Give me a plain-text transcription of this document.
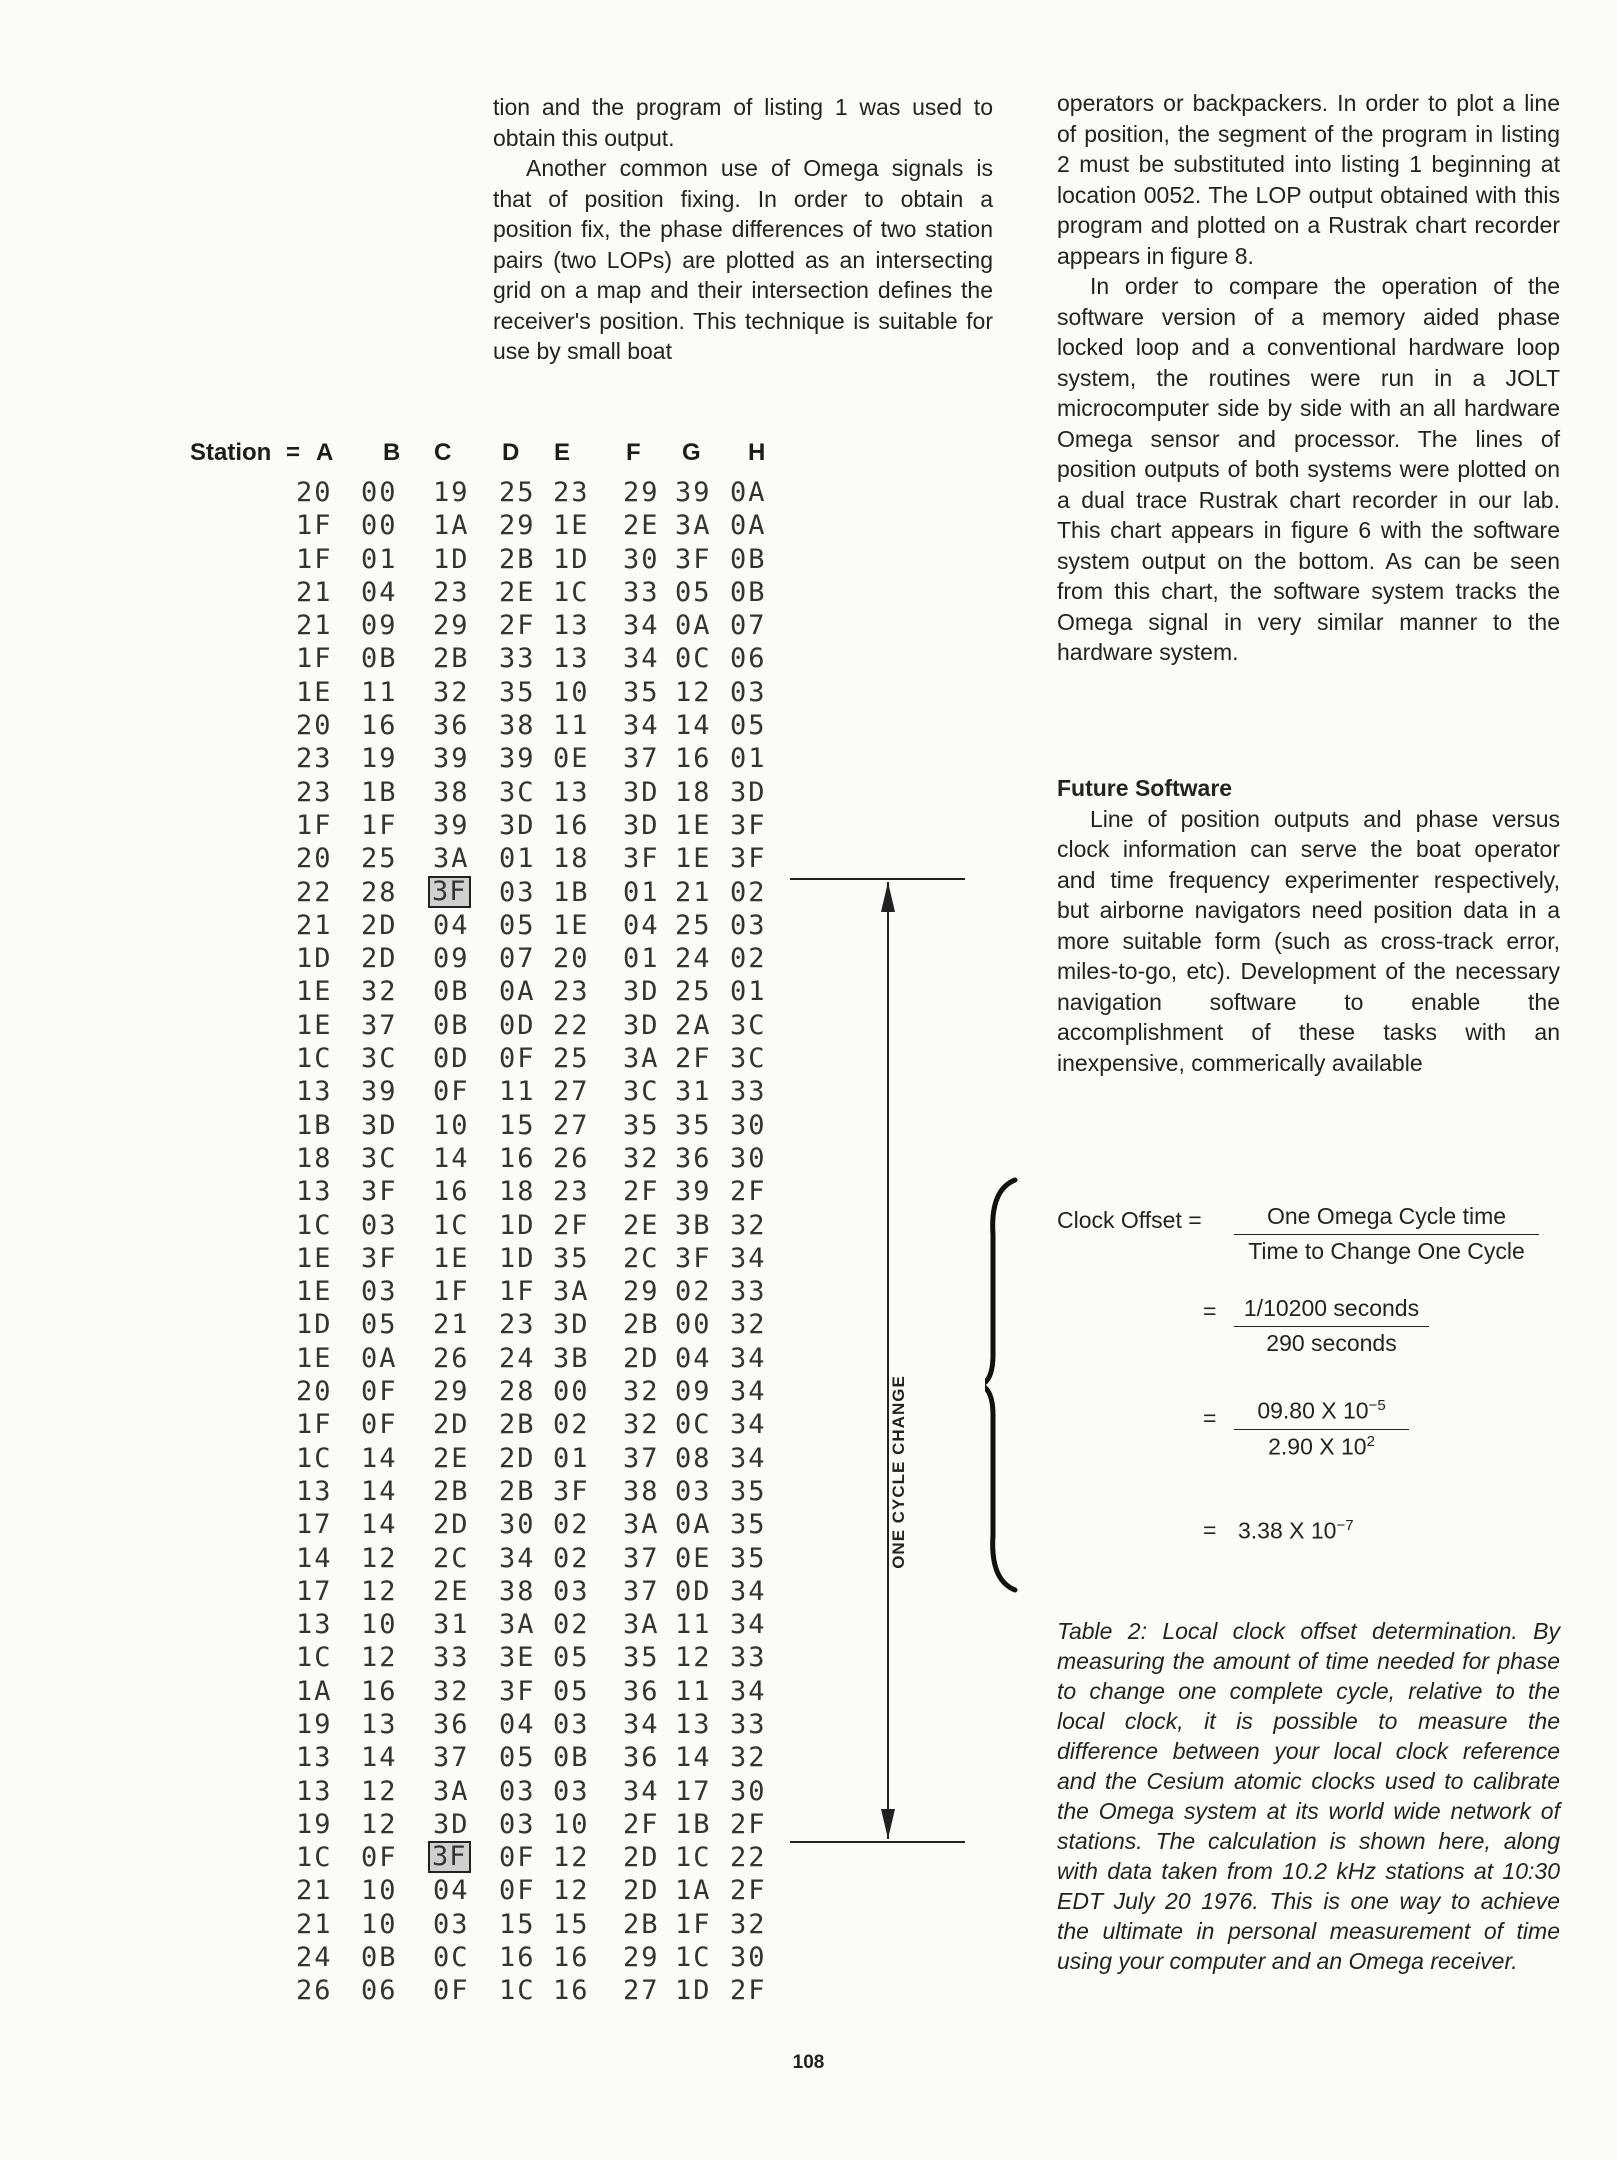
tion and the program of listing 1 was used to obtain this output.

Another common use of Omega signals is that of position fixing. In order to obtain a position fix, the phase differences of two station pairs (two LOPs) are plotted as an intersecting grid on a map and their intersection defines the receiver's position. This technique is suitable for use by small boat

operators or backpackers. In order to plot a line of position, the segment of the program in listing 2 must be substituted into listing 1 beginning at location 0052. The LOP output obtained with this program and plotted on a Rustrak chart recorder appears in figure 8.

In order to compare the operation of the software version of a memory aided phase locked loop and a conventional hardware loop system, the routines were run in a JOLT microcomputer side by side with an all hardware Omega sensor and processor. The lines of position outputs of both systems were plotted on a dual trace Rustrak chart recorder in our lab. This chart appears in figure 6 with the software system output on the bottom. As can be seen from this chart, the software system tracks the Omega signal in very similar manner to the hardware system.

Future Software

Line of position outputs and phase versus clock information can serve the boat operator and time frequency experimenter respectively, but airborne navigators need position data in a more suitable form (such as cross-track error, miles-to-go, etc). Development of the necessary navigation software to enable the accomplishment of these tasks with an inexpensive, commerically available

Station = A B C D E F G H
20 00 19 25 23 29 39 0A
1F 00 1A 29 1E 2E 3A 0A
1F 01 1D 2B 1D 30 3F 0B
21 04 23 2E 1C 33 05 0B
21 09 29 2F 13 34 0A 07
1F 0B 2B 33 13 34 0C 06
1E 11 32 35 10 35 12 03
20 16 36 38 11 34 14 05
23 19 39 39 0E 37 16 01
23 1B 38 3C 13 3D 18 3D
1F 1F 39 3D 16 3D 1E 3F
20 25 3A 01 18 3F 1E 3F
22 28 3F 03 1B 01 21 02
21 2D 04 05 1E 04 25 03
1D 2D 09 07 20 01 24 02
1E 32 0B 0A 23 3D 25 01
1E 37 0B 0D 22 3D 2A 3C
1C 3C 0D 0F 25 3A 2F 3C
13 39 0F 11 27 3C 31 33
1B 3D 10 15 27 35 35 30
18 3C 14 16 26 32 36 30
13 3F 16 18 23 2F 39 2F
1C 03 1C 1D 2F 2E 3B 32
1E 3F 1E 1D 35 2C 3F 34
1E 03 1F 1F 3A 29 02 33
1D 05 21 23 3D 2B 00 32
1E 0A 26 24 3B 2D 04 34
20 0F 29 28 00 32 09 34
1F 0F 2D 2B 02 32 0C 34
1C 14 2E 2D 01 37 08 34
13 14 2B 2B 3F 38 03 35
17 14 2D 30 02 3A 0A 35
14 12 2C 34 02 37 0E 35
17 12 2E 38 03 37 0D 34
13 10 31 3A 02 3A 11 34
1C 12 33 3E 05 35 12 33
1A 16 32 3F 05 36 11 34
19 13 36 04 03 34 13 33
13 14 37 05 0B 36 14 32
13 12 3A 03 03 34 17 30
19 12 3D 03 10 2F 1B 2F
1C 0F 3F 0F 12 2D 1C 22
21 10 04 0F 12 2D 1A 2F
21 10 03 15 15 2B 1F 32
24 0B 0C 16 16 29 1C 30
26 06 0F 1C 16 27 1D 2F
ONE CYCLE CHANGE
Clock Offset =	One Omega Cycle time
Time to Change One Cycle
=	1/10200 seconds
290 seconds
= $\frac{09.80 X 10^{-5}}{2.90 X 10^2}$
= 3.38 X $10^{-7}$
Table 2: Local clock offset determination. By measuring the amount of time needed for phase to change one complete cycle, relative to the local clock, it is possible to measure the difference between your local clock reference and the Cesium atomic clocks used to calibrate the Omega system at its world wide network of stations. The calculation is shown here, along with data taken from 10.2 kHz stations at 10:30 EDT July 20 1976. This is one way to achieve the ultimate in personal measurement of time using your computer and an Omega receiver.
108
